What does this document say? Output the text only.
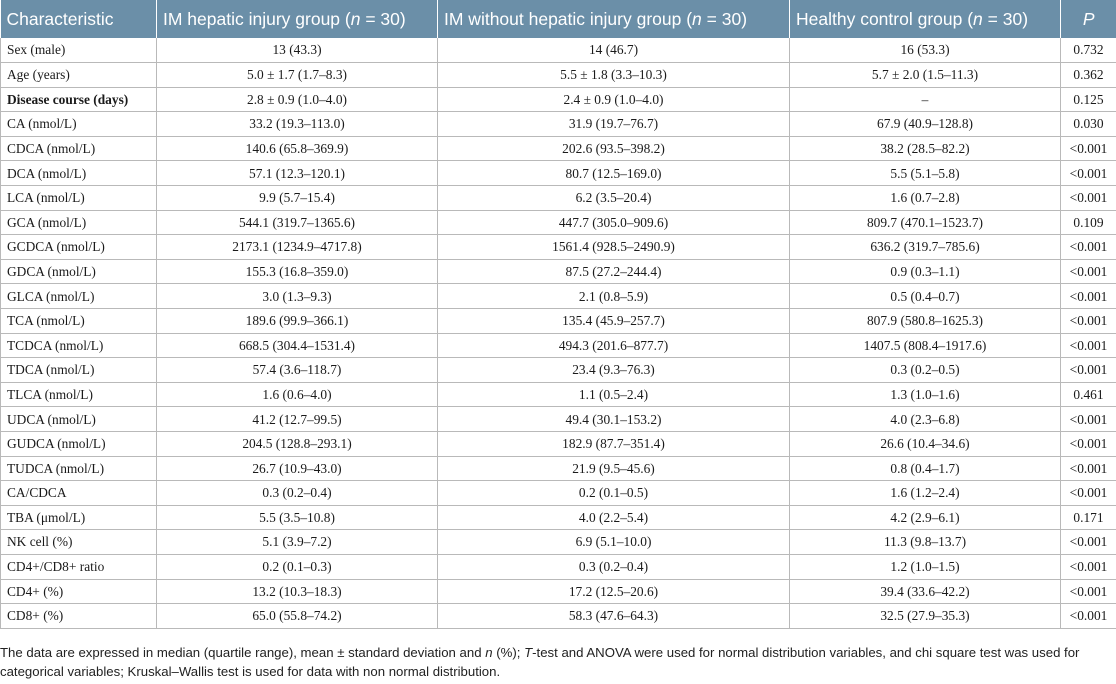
Characteristic	IM hepatic injury group (n = 30)	IM without hepatic injury group (n = 30)	Healthy control group (n = 30)	P
Sex (male)	13 (43.3)	14 (46.7)	16 (53.3)	0.732
Age (years)	5.0 ± 1.7 (1.7–8.3)	5.5 ± 1.8 (3.3–10.3)	5.7 ± 2.0 (1.5–11.3)	0.362
Disease course (days)	2.8 ± 0.9 (1.0–4.0)	2.4 ± 0.9 (1.0–4.0)	–	0.125
CA (nmol/L)	33.2 (19.3–113.0)	31.9 (19.7–76.7)	67.9 (40.9–128.8)	0.030
CDCA (nmol/L)	140.6 (65.8–369.9)	202.6 (93.5–398.2)	38.2 (28.5–82.2)	<0.001
DCA (nmol/L)	57.1 (12.3–120.1)	80.7 (12.5–169.0)	5.5 (5.1–5.8)	<0.001
LCA (nmol/L)	9.9 (5.7–15.4)	6.2 (3.5–20.4)	1.6 (0.7–2.8)	<0.001
GCA (nmol/L)	544.1 (319.7–1365.6)	447.7 (305.0–909.6)	809.7 (470.1–1523.7)	0.109
GCDCA (nmol/L)	2173.1 (1234.9–4717.8)	1561.4 (928.5–2490.9)	636.2 (319.7–785.6)	<0.001
GDCA (nmol/L)	155.3 (16.8–359.0)	87.5 (27.2–244.4)	0.9 (0.3–1.1)	<0.001
GLCA (nmol/L)	3.0 (1.3–9.3)	2.1 (0.8–5.9)	0.5 (0.4–0.7)	<0.001
TCA (nmol/L)	189.6 (99.9–366.1)	135.4 (45.9–257.7)	807.9 (580.8–1625.3)	<0.001
TCDCA (nmol/L)	668.5 (304.4–1531.4)	494.3 (201.6–877.7)	1407.5 (808.4–1917.6)	<0.001
TDCA (nmol/L)	57.4 (3.6–118.7)	23.4 (9.3–76.3)	0.3 (0.2–0.5)	<0.001
TLCA (nmol/L)	1.6 (0.6–4.0)	1.1 (0.5–2.4)	1.3 (1.0–1.6)	0.461
UDCA (nmol/L)	41.2 (12.7–99.5)	49.4 (30.1–153.2)	4.0 (2.3–6.8)	<0.001
GUDCA (nmol/L)	204.5 (128.8–293.1)	182.9 (87.7–351.4)	26.6 (10.4–34.6)	<0.001
TUDCA (nmol/L)	26.7 (10.9–43.0)	21.9 (9.5–45.6)	0.8 (0.4–1.7)	<0.001
CA/CDCA	0.3 (0.2–0.4)	0.2 (0.1–0.5)	1.6 (1.2–2.4)	<0.001
TBA (μmol/L)	5.5 (3.5–10.8)	4.0 (2.2–5.4)	4.2 (2.9–6.1)	0.171
NK cell (%)	5.1 (3.9–7.2)	6.9 (5.1–10.0)	11.3 (9.8–13.7)	<0.001
CD4+/CD8+ ratio	0.2 (0.1–0.3)	0.3 (0.2–0.4)	1.2 (1.0–1.5)	<0.001
CD4+ (%)	13.2 (10.3–18.3)	17.2 (12.5–20.6)	39.4 (33.6–42.2)	<0.001
CD8+ (%)	65.0 (55.8–74.2)	58.3 (47.6–64.3)	32.5 (27.9–35.3)	<0.001
The data are expressed in median (quartile range), mean ± standard deviation and n (%); T-test and ANOVA were used for normal distribution variables, and chi square test was used for categorical variables; Kruskal–Wallis test is used for data with non normal distribution.
